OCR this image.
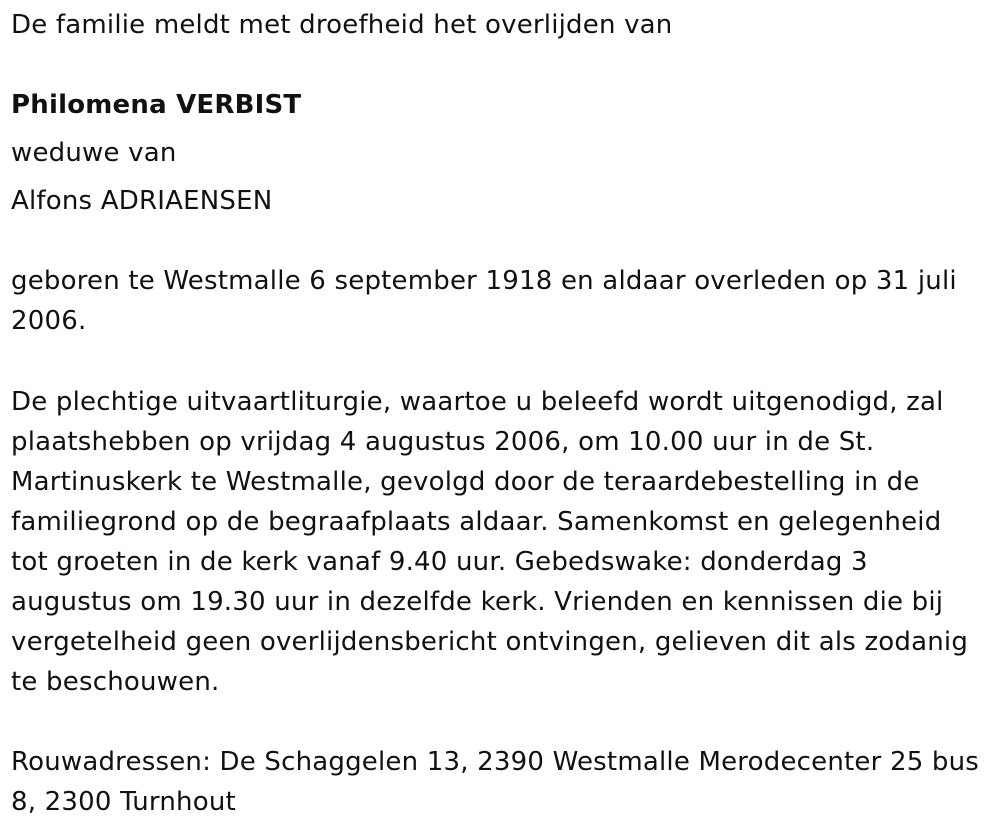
De familie meldt met droefheid het overlijden van
Philomena VERBIST
weduwe van
Alfons ADRIAENSEN
geboren te Westmalle 6 september 1918 en aldaar overleden op 31 juli 2006.
De plechtige uitvaartliturgie, waartoe u beleefd wordt uitgenodigd, zal plaatshebben op vrijdag 4 augustus 2006, om 10.00 uur in de St. Martinuskerk te Westmalle, gevolgd door de teraardebestelling in de familiegrond op de begraafplaats aldaar. Samenkomst en gelegenheid tot groeten in de kerk vanaf 9.40 uur. Gebedswake: donderdag 3 augustus om 19.30 uur in dezelfde kerk. Vrienden en kennissen die bij vergetelheid geen overlijdensbericht ontvingen, gelieven dit als zodanig te beschouwen.
Rouwadressen: De Schaggelen 13, 2390 Westmalle Merodecenter 25 bus 8, 2300 Turnhout
